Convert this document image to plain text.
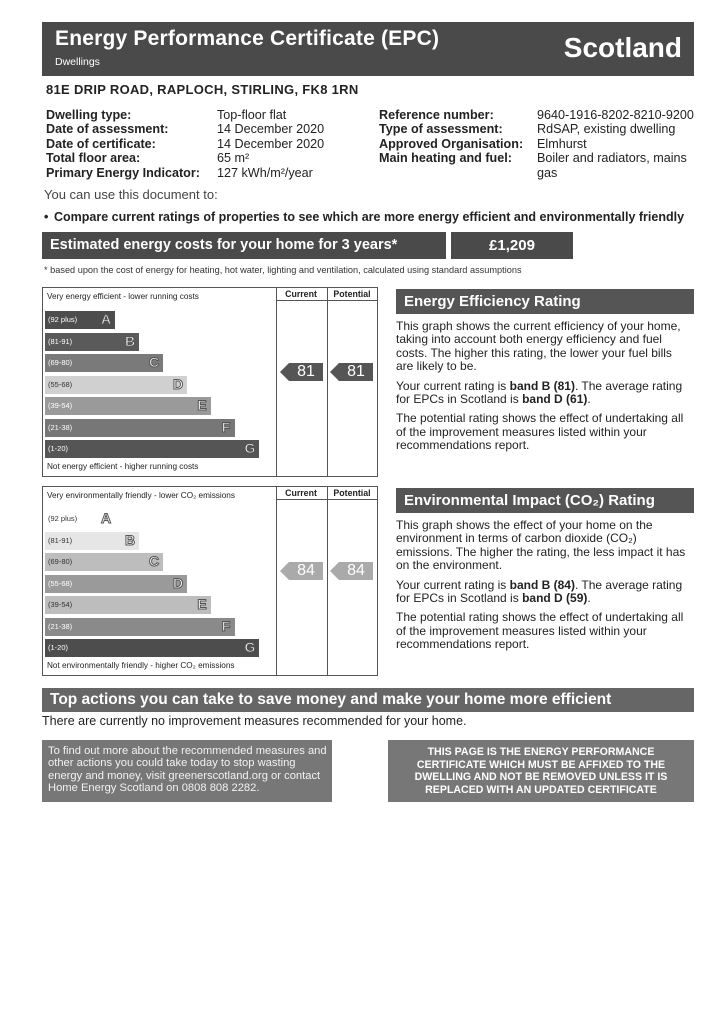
Energy Performance Certificate (EPC)
Dwellings	Scotland
81E DRIP ROAD, RAPLOCH, STIRLING, FK8 1RN
Dwelling type:	Top-floor flat
Date of assessment:	14 December 2020
Date of certificate:	14 December 2020
Total floor area:	65 m²
Primary Energy Indicator: 127 kWh/m²/year
Reference number:	9640-1916-8202-8210-9200
Type of assessment:	RdSAP, existing dwelling
Approved Organisation: Elmhurst
Main heating and fuel: Boiler and radiators, mains
gas
You can use this document to:
• Compare current ratings of properties to see which are more energy efficient and environmentally friendly
Estimated energy costs for your home for 3 years*	£1,209
* based upon the cost of energy for heating, hot water, lighting and ventilation, calculated using standard assumptions
Very energy efficient - lower running costs	Current	Potential
(92 plus) A
(81-91)	B
(69-80)	C
(55-68)	D
(39-54)	E
(21-38)	F
(1-20)	G
81	81
Not energy efficient - higher running costs
Very environmentally friendly - lower CO₂ emissions	Current	Potential
(92 plus) A
(81-91)	B
(69-80)	C
(55-68)	D
(39-54)	E
(21-38)	F
(1-20)	G
84	84
Not environmentally friendly - higher CO₂ emissions
Energy Efficiency Rating
This graph shows the current efficiency of your home, taking into account both energy efficiency and fuel costs. The higher this rating, the lower your fuel bills are likely to be.
Your current rating is band B (81). The average rating for EPCs in Scotland is band D (61).
The potential rating shows the effect of undertaking all of the improvement measures listed within your recommendations report.
Environmental Impact (CO₂) Rating
This graph shows the effect of your home on the environment in terms of carbon dioxide (CO₂) emissions. The higher the rating, the less impact it has on the environment.
Your current rating is band B (84). The average rating for EPCs in Scotland is band D (59).
The potential rating shows the effect of undertaking all of the improvement measures listed within your recommendations report.
Top actions you can take to save money and make your home more efficient
There are currently no improvement measures recommended for your home.
To find out more about the recommended measures and other actions you could take today to stop wasting energy and money, visit greenerscotland.org or contact Home Energy Scotland on 0808 808 2282.
THIS PAGE IS THE ENERGY PERFORMANCE CERTIFICATE WHICH MUST BE AFFIXED TO THE DWELLING AND NOT BE REMOVED UNLESS IT IS REPLACED WITH AN UPDATED CERTIFICATE
